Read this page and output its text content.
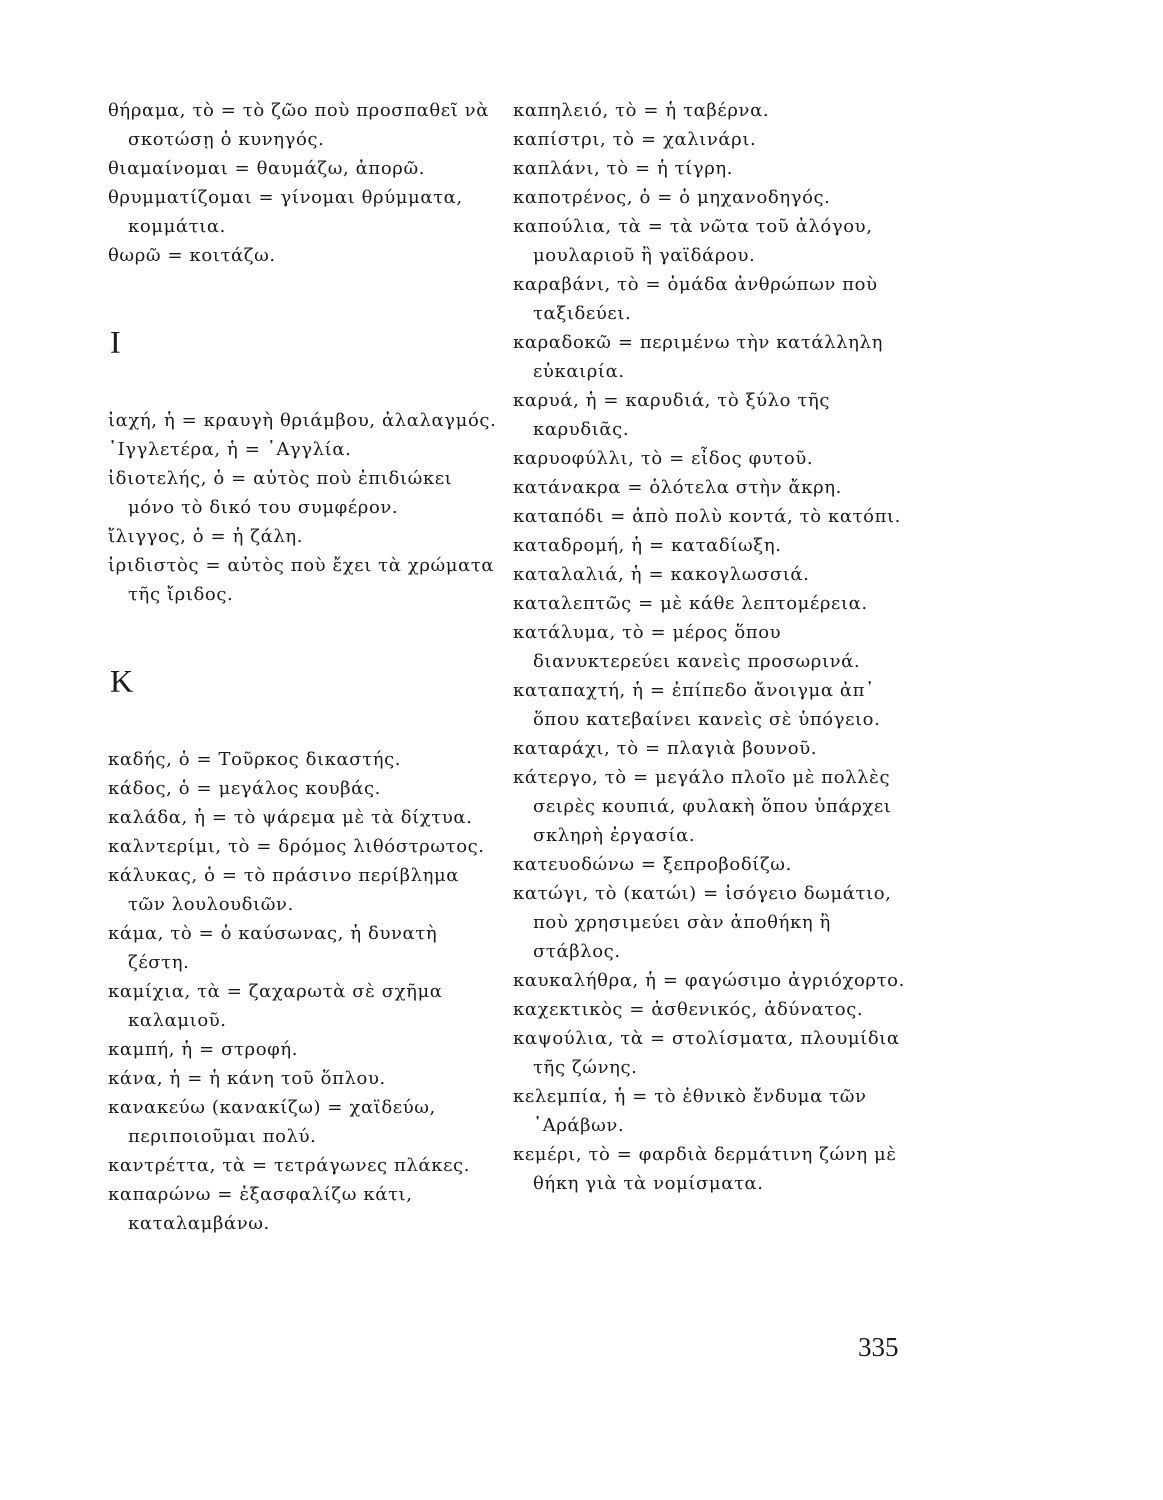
θήραμα, τὸ = τὸ ζῶο ποὺ προσπαθεῖ νὰ σκοτώσῃ ὁ κυνηγός.
θιαμαίνομαι = θαυμάζω, ἀπορῶ.
θρυμματίζομαι = γίνομαι θρύμματα, κομμάτια.
θωρῶ = κοιτάζω.
Ι
ἰαχή, ἡ = κραυγὴ θριάμβου, ἀλαλαγμός.
᾿Ιγγλετέρα, ἡ = ᾿Αγγλία.
ἰδιοτελής, ὁ = αὐτὸς ποὺ ἐπιδιώκει μόνο τὸ δικό του συμφέρον.
ἴλιγγος, ὁ = ἡ ζάλη.
ἰριδιστὸς = αὐτὸς ποὺ ἔχει τὰ χρώματα τῆς ἴριδος.
Κ
καδής, ὁ = Τοῦρκος δικαστής.
κάδος, ὁ = μεγάλος κουβάς.
καλάδα, ἡ = τὸ ψάρεμα μὲ τὰ δίχτυα.
καλντερίμι, τὸ = δρόμος λιθόστρωτος.
κάλυκας, ὁ = τὸ πράσινο περίβλημα τῶν λουλουδιῶν.
κάμα, τὸ = ὁ καύσωνας, ἡ δυνατὴ ζέστη.
καμίχια, τὰ = ζαχαρωτὰ σὲ σχῆμα καλαμιοῦ.
καμπή, ἡ = στροφή.
κάνα, ἡ = ἡ κάνη τοῦ ὅπλου.
κανακεύω (κανακίζω) = χαϊδεύω, περιποιοῦμαι πολύ.
καντρέττα, τὰ = τετράγωνες πλάκες.
καπαρώνω = ἐξασφαλίζω κάτι, καταλαμβάνω.
καπηλειό, τὸ = ἡ ταβέρνα.
καπίστρι, τὸ = χαλινάρι.
καπλάνι, τὸ = ἡ τίγρη.
καποτρένος, ὁ = ὁ μηχανοδηγός.
καπούλια, τὰ = τὰ νῶτα τοῦ ἀλόγου, μουλαριοῦ ἢ γαϊδάρου.
καραβάνι, τὸ = ὁμάδα ἀνθρώπων ποὺ ταξιδεύει.
καραδοκῶ = περιμένω τὴν κατάλληλη εὐκαιρία.
καρυά, ἡ = καρυδιά, τὸ ξύλο τῆς καρυδιᾶς.
καρυοφύλλι, τὸ = εἶδος φυτοῦ.
κατάνακρα = ὁλότελα στὴν ἄκρη.
καταπόδι = ἀπὸ πολὺ κοντά, τὸ κατόπι.
καταδρομή, ἡ = καταδίωξη.
καταλαλιά, ἡ = κακογλωσσιά.
καταλεπτῶς = μὲ κάθε λεπτομέρεια.
κατάλυμα, τὸ = μέρος ὅπου διανυκτερεύει κανεὶς προσωρινά.
καταπαχτή, ἡ = ἐπίπεδο ἄνοιγμα ἀπ᾿ ὅπου κατεβαίνει κανεὶς σὲ ὑπόγειο.
καταράχι, τὸ = πλαγιὰ βουνοῦ.
κάτεργο, τὸ = μεγάλο πλοῖο μὲ πολλὲς σειρὲς κουπιά, φυλακὴ ὅπου ὑπάρχει σκληρὴ ἐργασία.
κατευοδώνω = ξεπροβοδίζω.
κατώγι, τὸ (κατώι) = ἰσόγειο δωμάτιο, ποὺ χρησιμεύει σὰν ἀποθήκη ἢ στάβλος.
καυκαλήθρα, ἡ = φαγώσιμο ἀγριόχορτο.
καχεκτικὸς = ἀσθενικός, ἀδύνατος.
καψούλια, τὰ = στολίσματα, πλουμίδια τῆς ζώνης.
κελεμπία, ἡ = τὸ ἐθνικὸ ἔνδυμα τῶν ᾿Αράβων.
κεμέρι, τὸ = φαρδιὰ δερμάτινη ζώνη μὲ θήκη γιὰ τὰ νομίσματα.
335
